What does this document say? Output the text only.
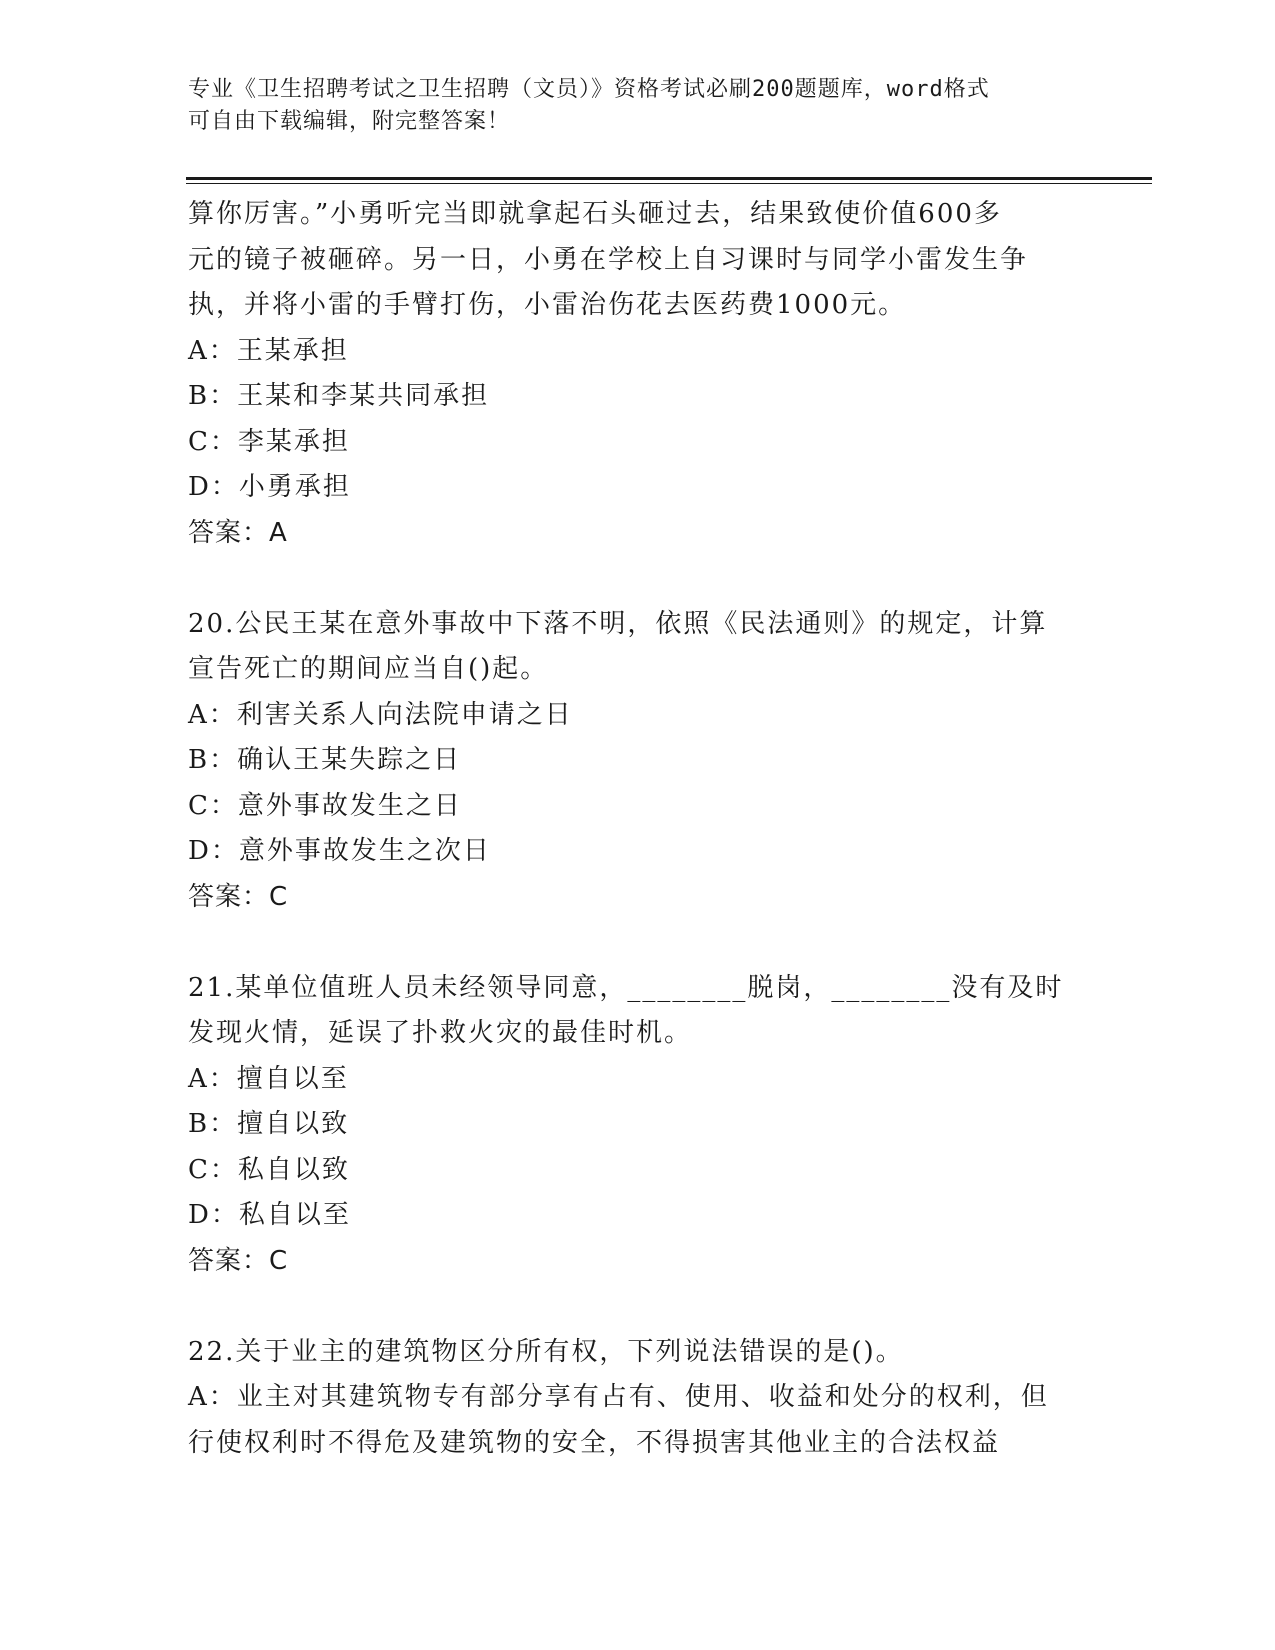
专业《卫生招聘考试之卫生招聘（文员）》资格考试必刷200题题库，word格式
可自由下载编辑，附完整答案！
算你厉害。”小勇听完当即就拿起石头砸过去，结果致使价值600多
元的镜子被砸碎。另一日，小勇在学校上自习课时与同学小雷发生争
执，并将小雷的手臂打伤，小雷治伤花去医药费1000元。
A：王某承担
B：王某和李某共同承担
C：李某承担
D：小勇承担
答案：A
20.公民王某在意外事故中下落不明，依照《民法通则》的规定，计算
宣告死亡的期间应当自()起。
A：利害关系人向法院申请之日
B：确认王某失踪之日
C：意外事故发生之日
D：意外事故发生之次日
答案：C
21.某单位值班人员未经领导同意，________脱岗，________没有及时
发现火情，延误了扑救火灾的最佳时机。
A：擅自以至
B：擅自以致
C：私自以致
D：私自以至
答案：C
22.关于业主的建筑物区分所有权，下列说法错误的是()。
A：业主对其建筑物专有部分享有占有、使用、收益和处分的权利，但
行使权利时不得危及建筑物的安全，不得损害其他业主的合法权益
